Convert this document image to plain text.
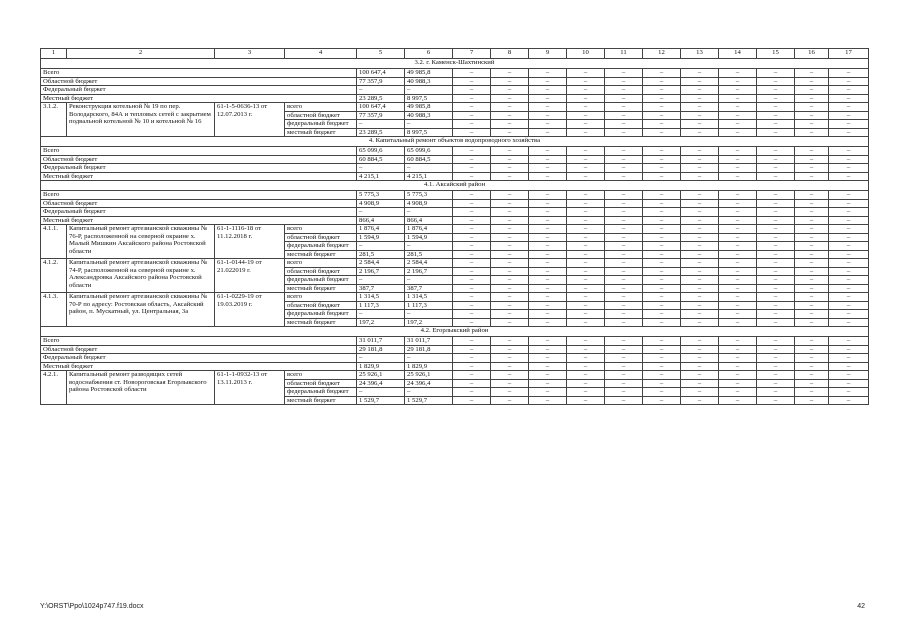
1	2	3	4	5	6	7	8	9	10	11	12	13	14	15	16	17
3.2. г. Каменск-Шахтинский																
Всего				100 647,4	49 985,8	–	–	–	–	–	–	–	–	–	–	–
Областной бюджет				77 357,9	40 988,3	–	–	–	–	–	–	–	–	–	–	–
Федеральный бюджет				–	–	–	–	–	–	–	–	–	–	–	–	–
Местный бюджет				23 289,5	8 997,5	–	–	–	–	–	–	–	–	–	–	–
3.1.2.	Реконструкция котельной № 19 по пер. Володарского, 84А и тепловых сетей с закрытием подвальной котельной № 10 и котельной № 16	61-1-5-0636-13 от 12.07.2013 г.	всего	100 647,4	49 985,8	–	–	–	–	–	–	–	–	–	–	–
			областной бюджет	77 357,9	40 988,3	–	–	–	–	–	–	–	–	–	–	–
			федеральный бюджет	–	–	–	–	–	–	–	–	–	–	–	–	–
			местный бюджет	23 289,5	8 997,5	–	–	–	–	–	–	–	–	–	–	–
4. Капитальный ремонт объектов водопроводного хозяйства																
Всего				65 099,6	65 099,6	–	–	–	–	–	–	–	–	–	–	–
Областной бюджет				60 884,5	60 884,5	–	–	–	–	–	–	–	–	–	–	–
Федеральный бюджет				–	–	–	–	–	–	–	–	–	–	–	–	–
Местный бюджет				4 215,1	4 215,1	–	–	–	–	–	–	–	–	–	–	–
4.1. Аксайский район																
Всего				5 775,3	5 775,3	–	–	–	–	–	–	–	–	–	–	–
Областной бюджет				4 908,9	4 908,9	–	–	–	–	–	–	–	–	–	–	–
Федеральный бюджет				–	–	–	–	–	–	–	–	–	–	–	–	–
Местный бюджет				866,4	866,4	–	–	–	–	–	–	–	–	–	–	–
4.1.1.	Капитальный ремонт артезианской скважины № 76-Р, расположенной на северной окраине х. Малый Мишкин Аксайского района Ростовской области	61-1-1116-18 от 11.12.2018 г.	всего	1 876,4	1 876,4	–	–	–	–	–	–	–	–	–	–	–
			областной бюджет	1 594,9	1 594,9	–	–	–	–	–	–	–	–	–	–	–
			федеральный бюджет	–	–	–	–	–	–	–	–	–	–	–	–	–
			местный бюджет	281,5	281,5	–	–	–	–	–	–	–	–	–	–	–
4.1.2.	Капитальный ремонт артезианской скважины № 74-Р, расположенной на северной окраине х. Александровка Аксайского района Ростовской области	61-1-0144-19 от 21.022019 г.	всего	2 584,4	2 584,4	–	–	–	–	–	–	–	–	–	–	–
			областной бюджет	2 196,7	2 196,7	–	–	–	–	–	–	–	–	–	–	–
			федеральный бюджет	–	–	–	–	–	–	–	–	–	–	–	–	–
			местный бюджет	387,7	387,7	–	–	–	–	–	–	–	–	–	–	–
4.1.3.	Капитальный ремонт артезианской скважины № 70-Р по адресу: Ростовская область, Аксайский район, п. Мускатный, ул. Центральная, 3а	61-1-0229-19 от 19.03.2019 г.	всего	1 314,5	1 314,5	–	–	–	–	–	–	–	–	–	–	–
			областной бюджет	1 117,3	1 117,3	–	–	–	–	–	–	–	–	–	–	–
			федеральный бюджет	–	–	–	–	–	–	–	–	–	–	–	–	–
			местный бюджет	197,2	197,2	–	–	–	–	–	–	–	–	–	–	–
4.2. Егорлыкский район																
Всего				31 011,7	31 011,7	–	–	–	–	–	–	–	–	–	–	–
Областной бюджет				29 181,8	29 181,8	–	–	–	–	–	–	–	–	–	–	–
Федеральный бюджет				–	–	–	–	–	–	–	–	–	–	–	–	–
Местный бюджет				1 829,9	1 829,9	–	–	–	–	–	–	–	–	–	–	–
4.2.1.	Капитальный ремонт разводящих сетей водоснабжения ст. Новороговская Егорлыкского района Ростовской области	61-1-1-0932-13 от 13.11.2013 г.	всего	25 926,1	25 926,1	–	–	–	–	–	–	–	–	–	–	–
			областной бюджет	24 396,4	24 396,4	–	–	–	–	–	–	–	–	–	–	–
			федеральный бюджет	–	–	–	–	–	–	–	–	–	–	–	–	–
			местный бюджет	1 529,7	1 529,7	–	–	–	–	–	–	–	–	–	–	–
Y:\ORST\Ppo\1024p747.f19.docx	42
